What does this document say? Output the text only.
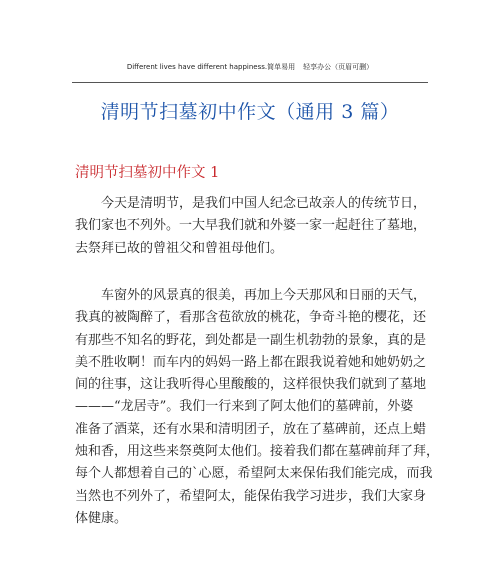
Different lives have different happiness.简单易用 轻享办公（页眉可删）
清明节扫墓初中作文（通用 3 篇）
清明节扫墓初中作文 1
　　今天是清明节，是我们中国人纪念已故亲人的传统节日，
我们家也不列外。一大早我们就和外婆一家一起赶往了墓地，
去祭拜已故的曾祖父和曾祖母他们。
　　车窗外的风景真的很美，再加上今天那风和日丽的天气，
我真的被陶醉了，看那含苞欲放的桃花，争奇斗艳的樱花，还
有那些不知名的野花，到处都是一副生机勃勃的景象，真的是
美不胜收啊！而车内的妈妈一路上都在跟我说着她和她奶奶之
间的往事，这让我听得心里酸酸的，这样很快我们就到了墓地
———“龙居寺”。我们一行来到了阿太他们的墓碑前，外婆
准备了酒菜，还有水果和清明团子，放在了墓碑前，还点上蜡
烛和香，用这些来祭奠阿太他们。接着我们都在墓碑前拜了拜，
每个人都想着自己的`心愿，希望阿太来保佑我们能完成，而我
当然也不列外了，希望阿太，能保佑我学习进步，我们大家身
体健康。
